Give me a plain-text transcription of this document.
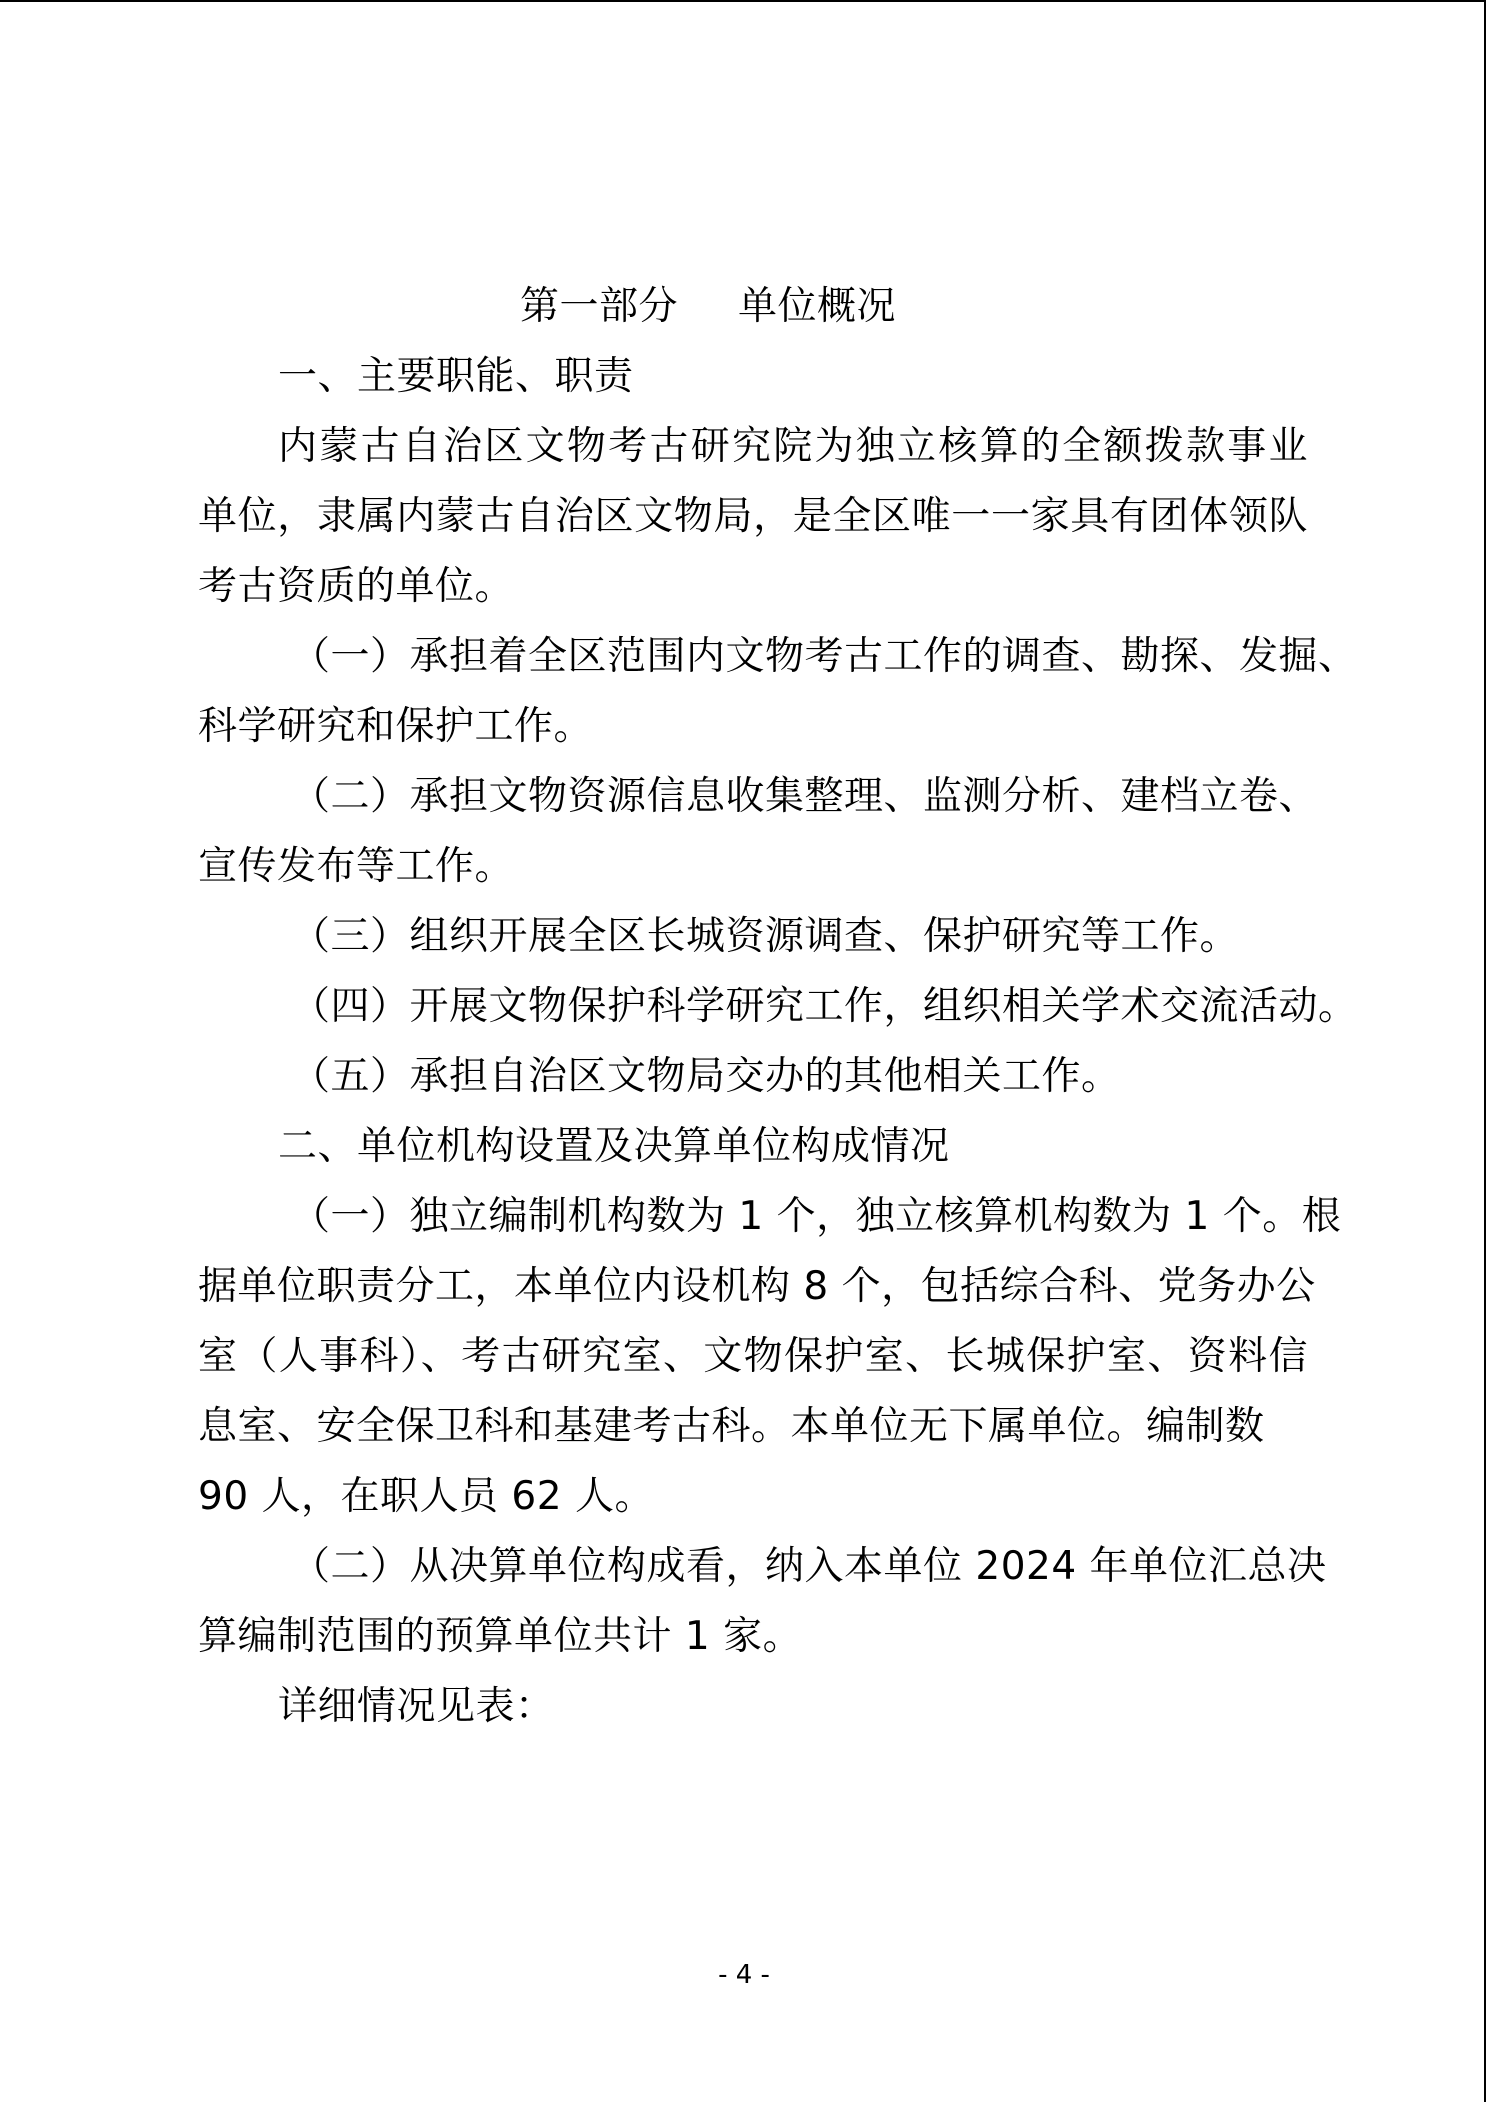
第一部分 单位概况
一、主要职能、职责
内蒙古自治区文物考古研究院为独立核算的全额拨款事业
单位，隶属内蒙古自治区文物局，是全区唯一一家具有团体领队
考古资质的单位。
（一）承担着全区范围内文物考古工作的调查、勘探、发掘、
科学研究和保护工作。
（二）承担文物资源信息收集整理、监测分析、建档立卷、
宣传发布等工作。
（三）组织开展全区长城资源调查、保护研究等工作。
（四）开展文物保护科学研究工作，组织相关学术交流活动。
（五）承担自治区文物局交办的其他相关工作。
二、单位机构设置及决算单位构成情况
（一）独立编制机构数为 1 个，独立核算机构数为 1 个。根
据单位职责分工，本单位内设机构 8 个，包括综合科、党务办公
室（人事科）、考古研究室、文物保护室、长城保护室、资料信
息室、安全保卫科和基建考古科。本单位无下属单位。编制数
90 人，在职人员 62 人。
（二）从决算单位构成看，纳入本单位 2024 年单位汇总决
算编制范围的预算单位共计 1 家。
详细情况见表：
- 4 -
